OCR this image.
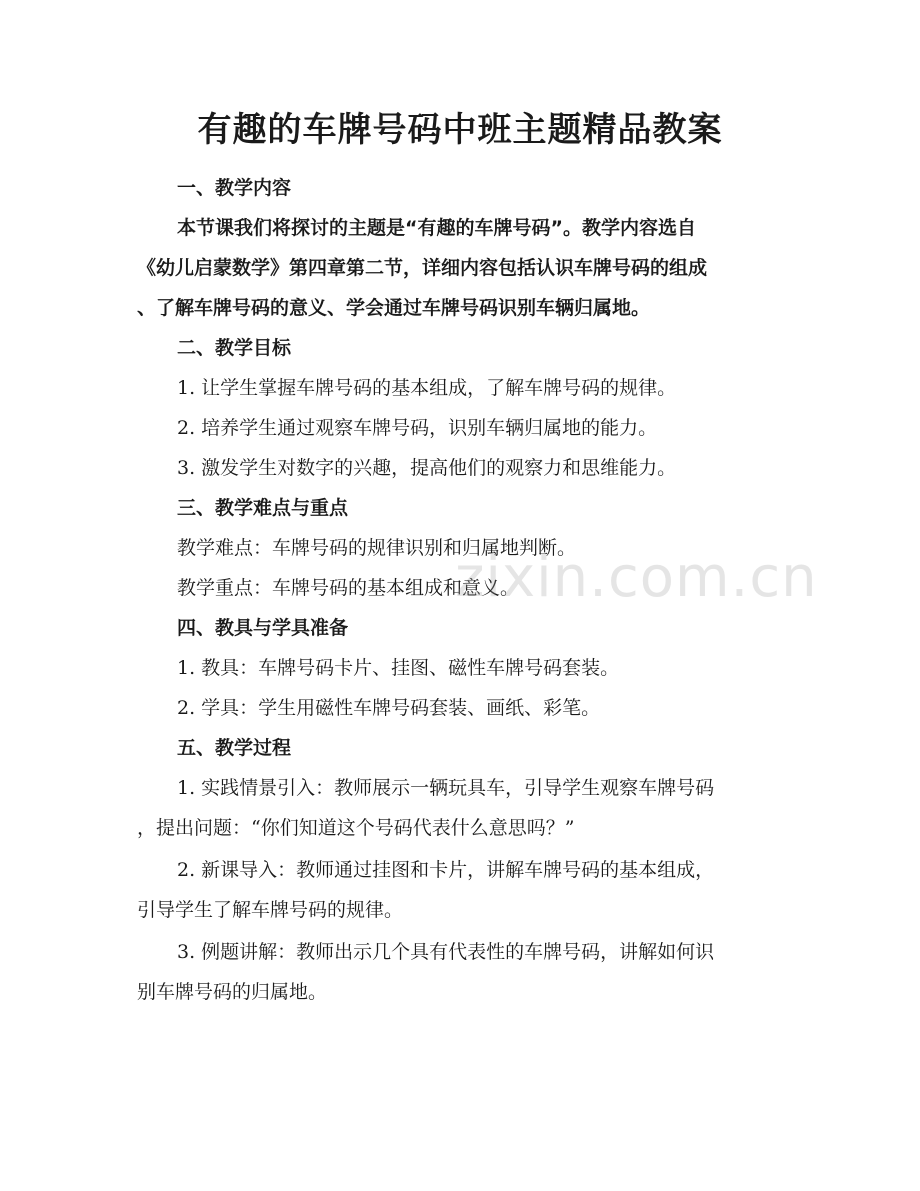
有趣的车牌号码中班主题精品教案

一、教学内容

本节课我们将探讨的主题是“有趣的车牌号码”。教学内容选自

《幼儿启蒙数学》第四章第二节，详细内容包括认识车牌号码的组成

、了解车牌号码的意义、学会通过车牌号码识别车辆归属地。

二、教学目标

1. 让学生掌握车牌号码的基本组成，了解车牌号码的规律。

2. 培养学生通过观察车牌号码，识别车辆归属地的能力。

3. 激发学生对数字的兴趣，提高他们的观察力和思维能力。

三、教学难点与重点

教学难点：车牌号码的规律识别和归属地判断。

教学重点：车牌号码的基本组成和意义。

四、教具与学具准备

1. 教具：车牌号码卡片、挂图、磁性车牌号码套装。

2. 学具：学生用磁性车牌号码套装、画纸、彩笔。

五、教学过程

1. 实践情景引入：教师展示一辆玩具车，引导学生观察车牌号码

，提出问题：“你们知道这个号码代表什么意思吗？”

2. 新课导入：教师通过挂图和卡片，讲解车牌号码的基本组成，

引导学生了解车牌号码的规律。

3. 例题讲解：教师出示几个具有代表性的车牌号码，讲解如何识

别车牌号码的归属地。

zixin.com.cn
